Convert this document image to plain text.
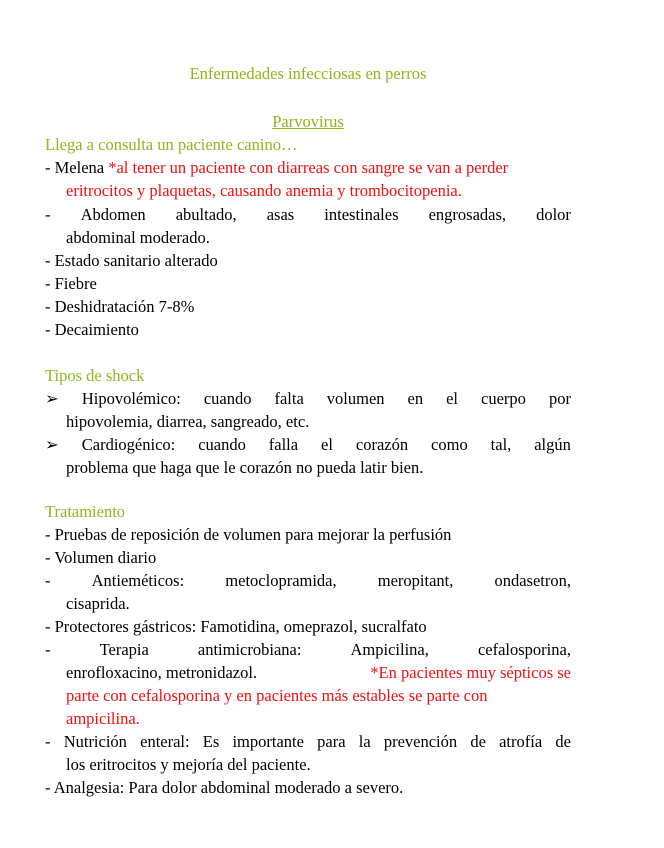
Enfermedades infecciosas en perros
Parvovirus
Llega a consulta un paciente canino…
- Melena *al tener un paciente con diarreas con sangre se van a perder
eritrocitos y plaquetas, causando anemia y trombocitopenia.
- Abdomen abultado, asas intestinales engrosadas, dolor
abdominal moderado.
- Estado sanitario alterado
- Fiebre
- Deshidratación 7-8%
- Decaimiento
Tipos de shock
➢ Hipovolémico: cuando falta volumen en el cuerpo por
hipovolemia, diarrea, sangreado, etc.
➢ Cardiogénico: cuando falla el corazón como tal, algún
problema que haga que le corazón no pueda latir bien.
Tratamiento
- Pruebas de reposición de volumen para mejorar la perfusión
- Volumen diario
- Antieméticos: metoclopramida, meropitant, ondasetron,
cisaprida.
- Protectores gástricos: Famotidina, omeprazol, sucralfato
-	Terapia	antimicrobiana:	Ampicilina,	cefalosporina,
enrofloxacino, metronidazol.	*En pacientes muy sépticos se
parte con cefalosporina y en pacientes más estables se parte con
ampicilina.
- Nutrición enteral: Es importante para la prevención de atrofía de
los eritrocitos y mejoría del paciente.
- Analgesia: Para dolor abdominal moderado a severo.
